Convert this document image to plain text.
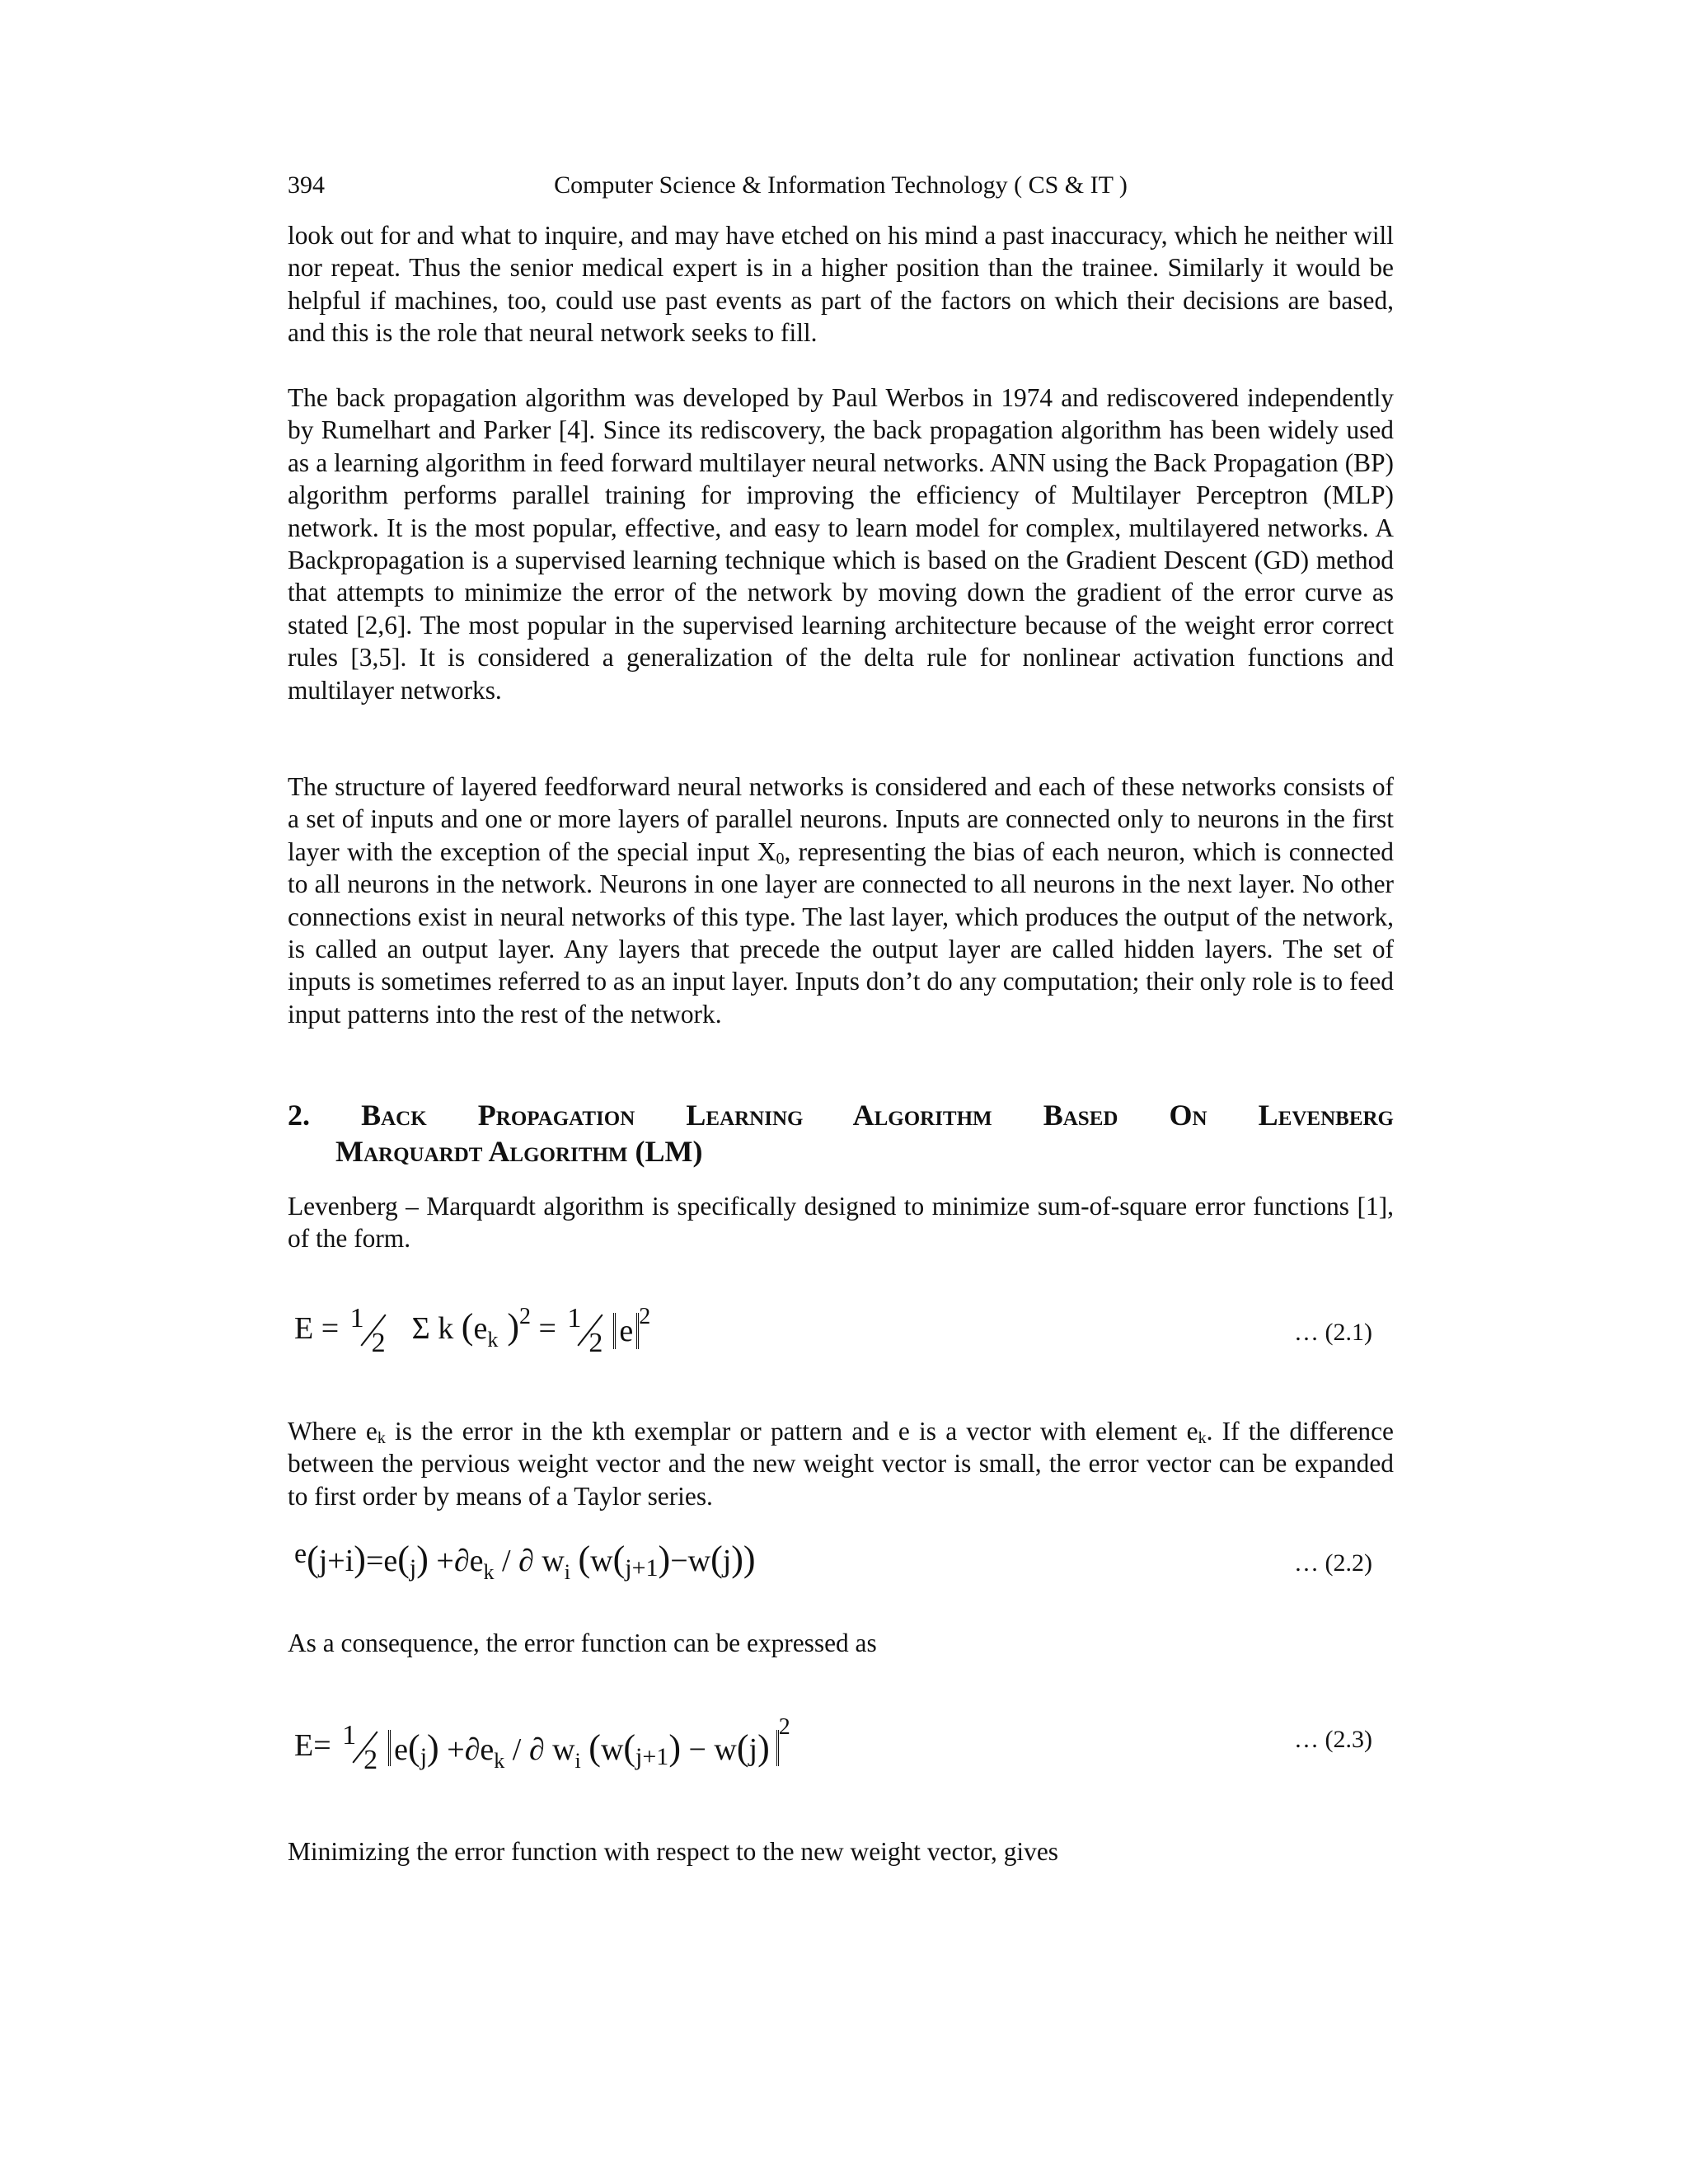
394	Computer Science & Information Technology ( CS & IT )
look out for and what to inquire, and may have etched on his mind a past inaccuracy, which he neither will nor repeat. Thus the senior medical expert is in a higher position than the trainee. Similarly it would be helpful if machines, too, could use past events as part of the factors on which their decisions are based, and this is the role that neural network seeks to fill.
The back propagation algorithm was developed by Paul Werbos in 1974 and rediscovered independently by Rumelhart and Parker [4]. Since its rediscovery, the back propagation algorithm has been widely used as a learning algorithm in feed forward multilayer neural networks. ANN using the Back Propagation (BP) algorithm performs parallel training for improving the efficiency of Multilayer Perceptron (MLP) network. It is the most popular, effective, and easy to learn model for complex, multilayered networks. A Backpropagation is a supervised learning technique which is based on the Gradient Descent (GD) method that attempts to minimize the error of the network by moving down the gradient of the error curve as stated [2,6]. The most popular in the supervised learning architecture because of the weight error correct rules [3,5]. It is considered a generalization of the delta rule for nonlinear activation functions and multilayer networks.
The structure of layered feedforward neural networks is considered and each of these networks consists of a set of inputs and one or more layers of parallel neurons. Inputs are connected only to neurons in the first layer with the exception of the special input $X_0$, representing the bias of each neuron, which is connected to all neurons in the network. Neurons in one layer are connected to all neurons in the next layer. No other connections exist in neural networks of this type. The last layer, which produces the output of the network, is called an output layer. Any layers that precede the output layer are called hidden layers. The set of inputs is sometimes referred to as an input layer. Inputs don’t do any computation; their only role is to feed input patterns into the rest of the network.
2. Back Propagation Learning Algorithm Based On Levenberg
Marquardt Algorithm (LM)
Levenberg – Marquardt algorithm is specifically designed to minimize sum-of-square error functions [1], of the form.
E = 1
2 Σ k ($e_k$ )$^2$ = 1
2 e $^2$
… (2.1)
Where $e_k$ is the error in the kth exemplar or pattern and e is a vector with element $e_k$. If the difference between the pervious weight vector and the new weight vector is small, the error vector can be expanded to first order by means of a Taylor series.
$e(j+i)=e(j) +\partial e_k$ / ∂ $w_i$ (w(j+1)−w(j))	… (2.2)
As a consequence, the error function can be expressed as
E= 1
2 $e(j) +\partial e_k$ / ∂ $w_i$ ($w(j+1) - w(j)^2$	… (2.3)
Minimizing the error function with respect to the new weight vector, gives
